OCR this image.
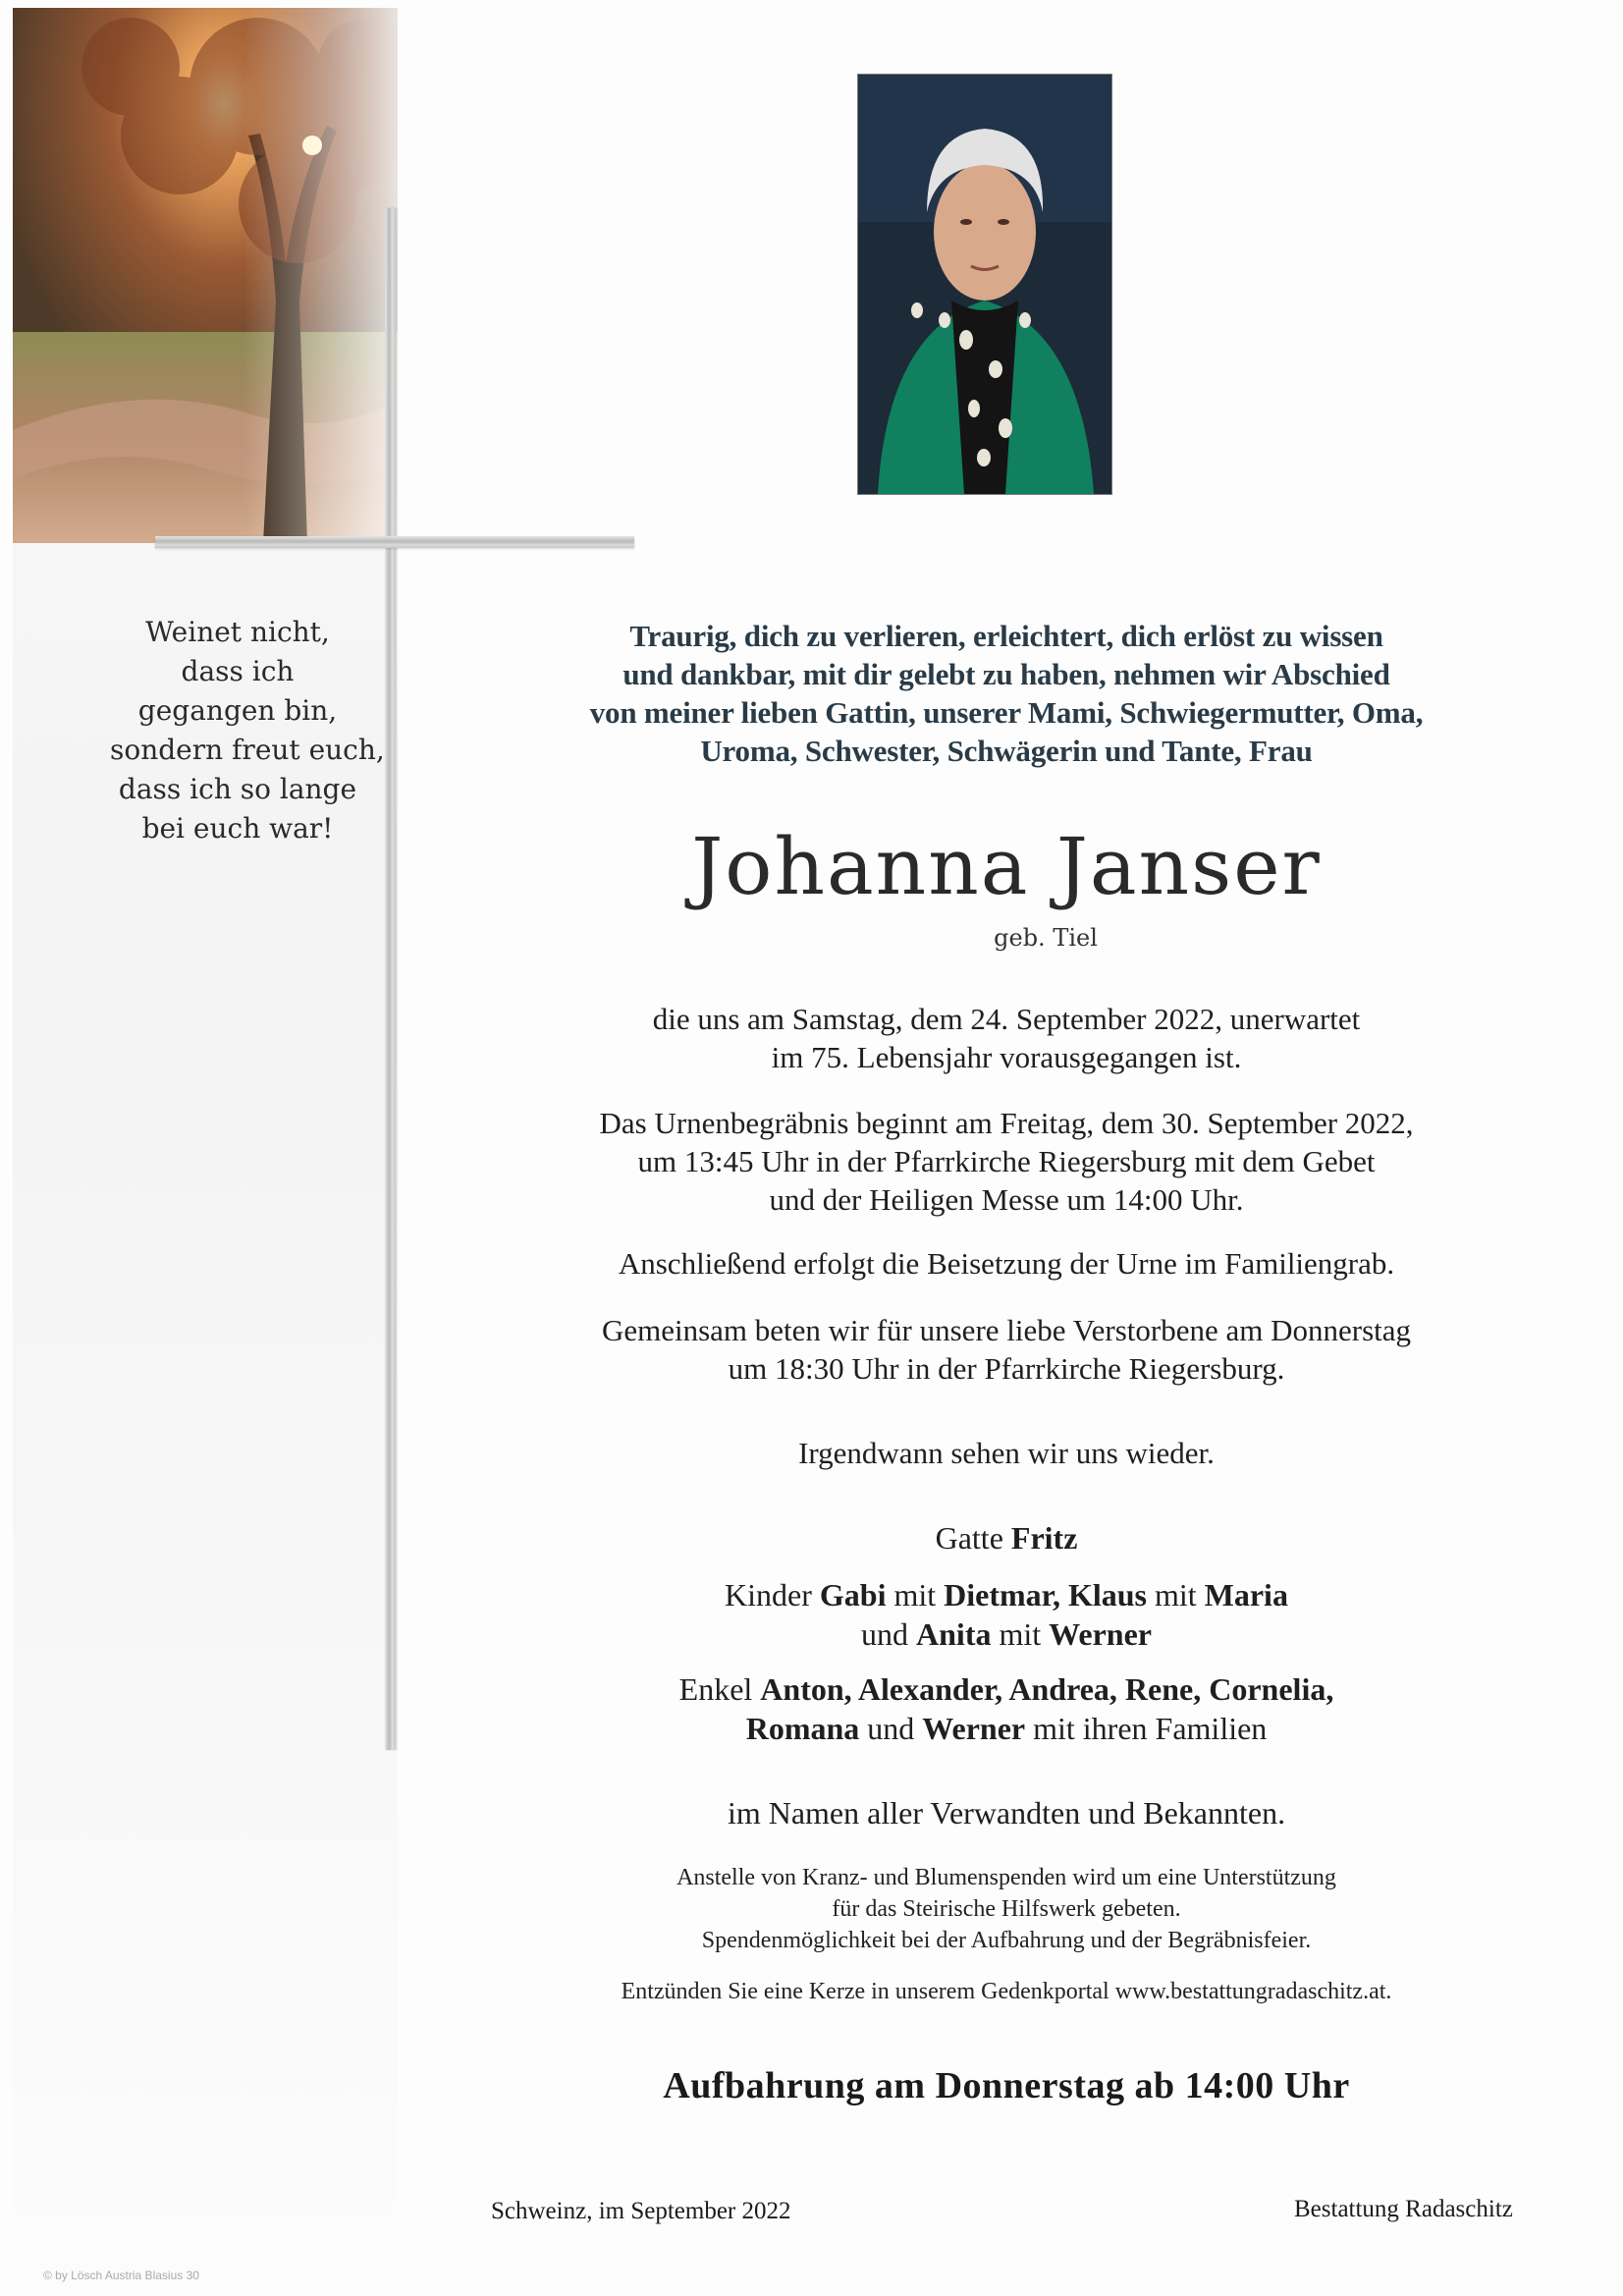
Weinet nicht,
dass ich
gegangen bin,
sondern freut euch,
dass ich so lange
bei euch war!
Traurig, dich zu verlieren, erleichtert, dich erlöst zu wissen
und dankbar, mit dir gelebt zu haben, nehmen wir Abschied
von meiner lieben Gattin, unserer Mami, Schwiegermutter, Oma,
Uroma, Schwester, Schwägerin und Tante, Frau
Johanna Janser
geb. Tiel
die uns am Samstag, dem 24. September 2022, unerwartet
im 75. Lebensjahr vorausgegangen ist.
Das Urnenbegräbnis beginnt am Freitag, dem 30. September 2022,
um 13:45 Uhr in der Pfarrkirche Riegersburg mit dem Gebet
und der Heiligen Messe um 14:00 Uhr.
Anschließend erfolgt die Beisetzung der Urne im Familiengrab.
Gemeinsam beten wir für unsere liebe Verstorbene am Donnerstag
um 18:30 Uhr in der Pfarrkirche Riegersburg.
Irgendwann sehen wir uns wieder.
Gatte Fritz
Kinder Gabi mit Dietmar, Klaus mit Maria
und Anita mit Werner
Enkel Anton, Alexander, Andrea, Rene, Cornelia,
Romana und Werner mit ihren Familien
im Namen aller Verwandten und Bekannten.
Anstelle von Kranz- und Blumenspenden wird um eine Unterstützung
für das Steirische Hilfswerk gebeten.
Spendenmöglichkeit bei der Aufbahrung und der Begräbnisfeier.
Entzünden Sie eine Kerze in unserem Gedenkportal www.bestattungradaschitz.at.
Aufbahrung am Donnerstag ab 14:00 Uhr
Schweinz, im September 2022	Bestattung Radaschitz
© by Lösch Austria Blasius 30
